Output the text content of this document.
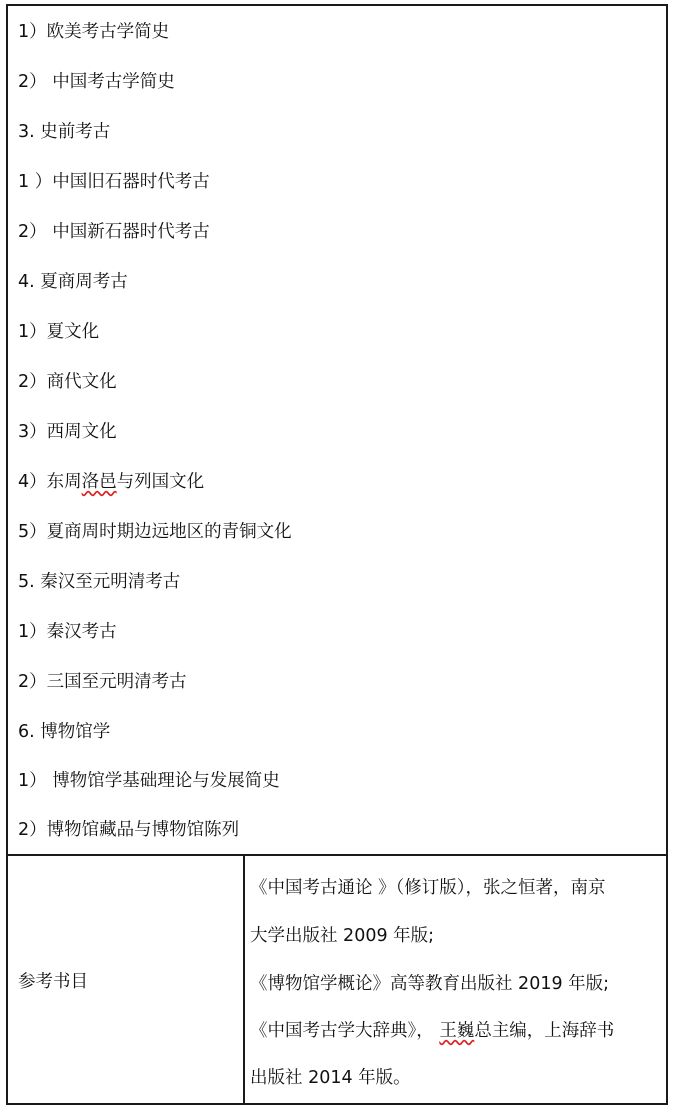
1）欧美考古学简史
2） 中国考古学简史
3. 史前考古
1 ）中国旧石器时代考古
2） 中国新石器时代考古
4. 夏商周考古
1）夏文化
2）商代文化
3）西周文化
4）东周洛邑与列国文化
5）夏商周时期边远地区的青铜文化
5. 秦汉至元明清考古
1）秦汉考古
2）三国至元明清考古
6. 博物馆学
1） 博物馆学基础理论与发展简史
2）博物馆藏品与博物馆陈列
参考书目
《中国考古通论 》（修订版），张之恒著，南京
大学出版社 2009 年版;
《博物馆学概论》高等教育出版社 2019 年版;
《中国考古学大辞典》， 王巍总主编，上海辞书
出版社 2014 年版。
